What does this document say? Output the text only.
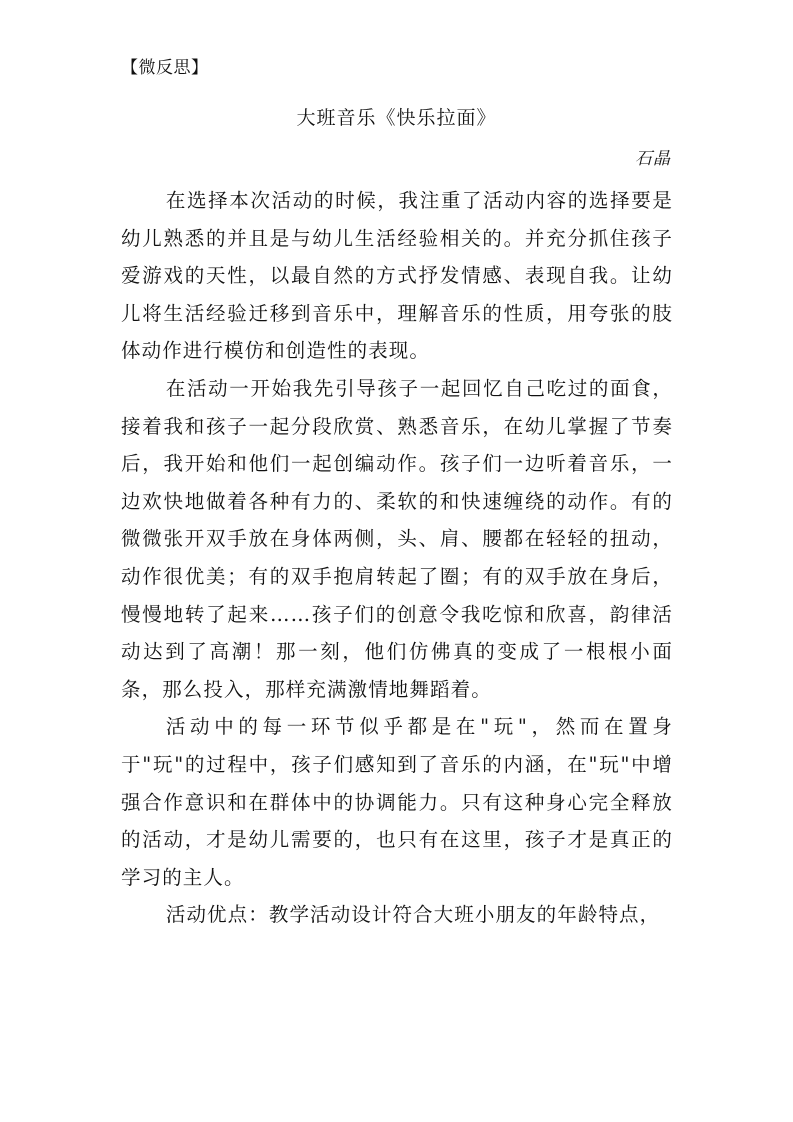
【微反思】
大班音乐《快乐拉面》
石晶

在选择本次活动的时候，我注重了活动内容的选择要是幼儿熟悉的并且是与幼儿生活经验相关的。并充分抓住孩子爱游戏的天性，以最自然的方式抒发情感、表现自我。让幼儿将生活经验迁移到音乐中，理解音乐的性质，用夸张的肢体动作进行模仿和创造性的表现。

在活动一开始我先引导孩子一起回忆自己吃过的面食，接着我和孩子一起分段欣赏、熟悉音乐，在幼儿掌握了节奏后，我开始和他们一起创编动作。孩子们一边听着音乐，一边欢快地做着各种有力的、柔软的和快速缠绕的动作。有的微微张开双手放在身体两侧，头、肩、腰都在轻轻的扭动，动作很优美；有的双手抱肩转起了圈；有的双手放在身后，慢慢地转了起来……孩子们的创意令我吃惊和欣喜，韵律活动达到了高潮！那一刻，他们仿佛真的变成了一根根小面条，那么投入，那样充满激情地舞蹈着。

活动中的每一环节似乎都是在"玩"，然而在置身于"玩"的过程中，孩子们感知到了音乐的内涵，在"玩"中增强合作意识和在群体中的协调能力。只有这种身心完全释放的活动，才是幼儿需要的，也只有在这里，孩子才是真正的学习的主人。

活动优点：教学活动设计符合大班小朋友的年龄特点，
